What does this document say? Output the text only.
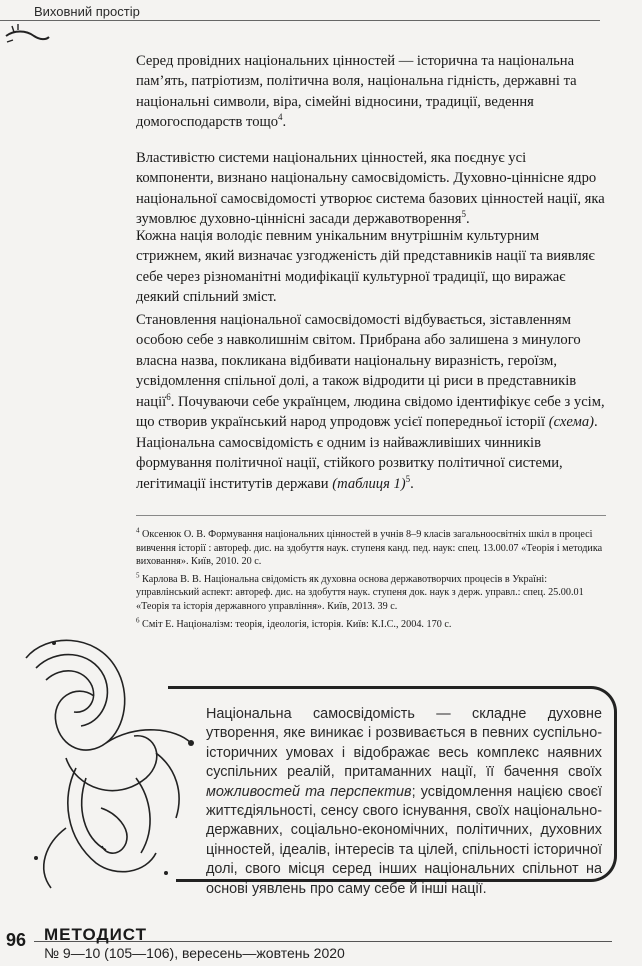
Виховний простір

Серед провідних національних цінностей — історична та національна пам’ять, патріотизм, політична воля, національна гідність, державні та національні символи, віра, сімейні відносини, традиції, ведення домогосподарств тощо$^4$.

Властивістю системи національних цінностей, яка поєднує усі компоненти, визнано національну самосвідомість. Духовно-ціннісне ядро національної самосвідомості утворює система базових цінностей нації, яка зумовлює духовно-ціннісні засади державотворення$^5$.

Кожна нація володіє певним унікальним внутрішнім культурним стрижнем, який визначає узгодженість дій представників нації та виявляє себе через різноманітні модифікації культурної традиції, що виражає деякий спільний зміст.

Становлення національної самосвідомості відбувається, зіставленням особою себе з навколишнім світом. Прибрана або залишена з минулого власна назва, покликана відбивати національну виразність, героїзм, усвідомлення спільної долі, а також відродити ці риси в представників нації$^6$. Почуваючи себе українцем, людина свідомо ідентифікує себе з усім, що створив український народ упродовж усієї попередньої історії (схема).

Національна самосвідомість є одним із найважливіших чинників формування політичної нації, стійкого розвитку політичної системи, легітимації інститутів держави (таблиця 1)$^5$.

$^4$ Оксенюк О. В. Формування національних цінностей в учнів 8–9 класів загальноосвітніх шкіл в процесі вивчення історії : автореф. дис. на здобуття наук. ступеня канд. пед. наук: спец. 13.00.07 «Теорія і методика виховання». Київ, 2010. 20 с.

$^5$ Карлова В. В. Національна свідомість як духовна основа державотворчих процесів в Україні: управлінський аспект: автореф. дис. на здобуття наук. ступеня док. наук з держ. управл.: спец. 25.00.01 «Теорія та історія державного управління». Київ, 2013. 39 с.

$^6$ Сміт Е. Націоналізм: теорія, ідеологія, історія. Київ: К.І.С., 2004. 170 с.

Національна самосвідомість — складне духовне утворення, яке виникає і розвивається в певних суспільно-історичних умовах і відображає весь комплекс наявних суспільних реалій, притаманних нації, її бачення своїх можливостей та перспектив; усвідомлення нацією своєї життєдіяльності, сенсу свого існування, своїх національно-державних, соціально-економічних, політичних, духовних цінностей, ідеалів, інтересів та цілей, спільності історичної долі, свого місця серед інших національних спільнот на основі уявлень про саму себе й інші нації.
96 МЕТОДИСТ
№ 9—10 (105—106), вересень—жовтень 2020
